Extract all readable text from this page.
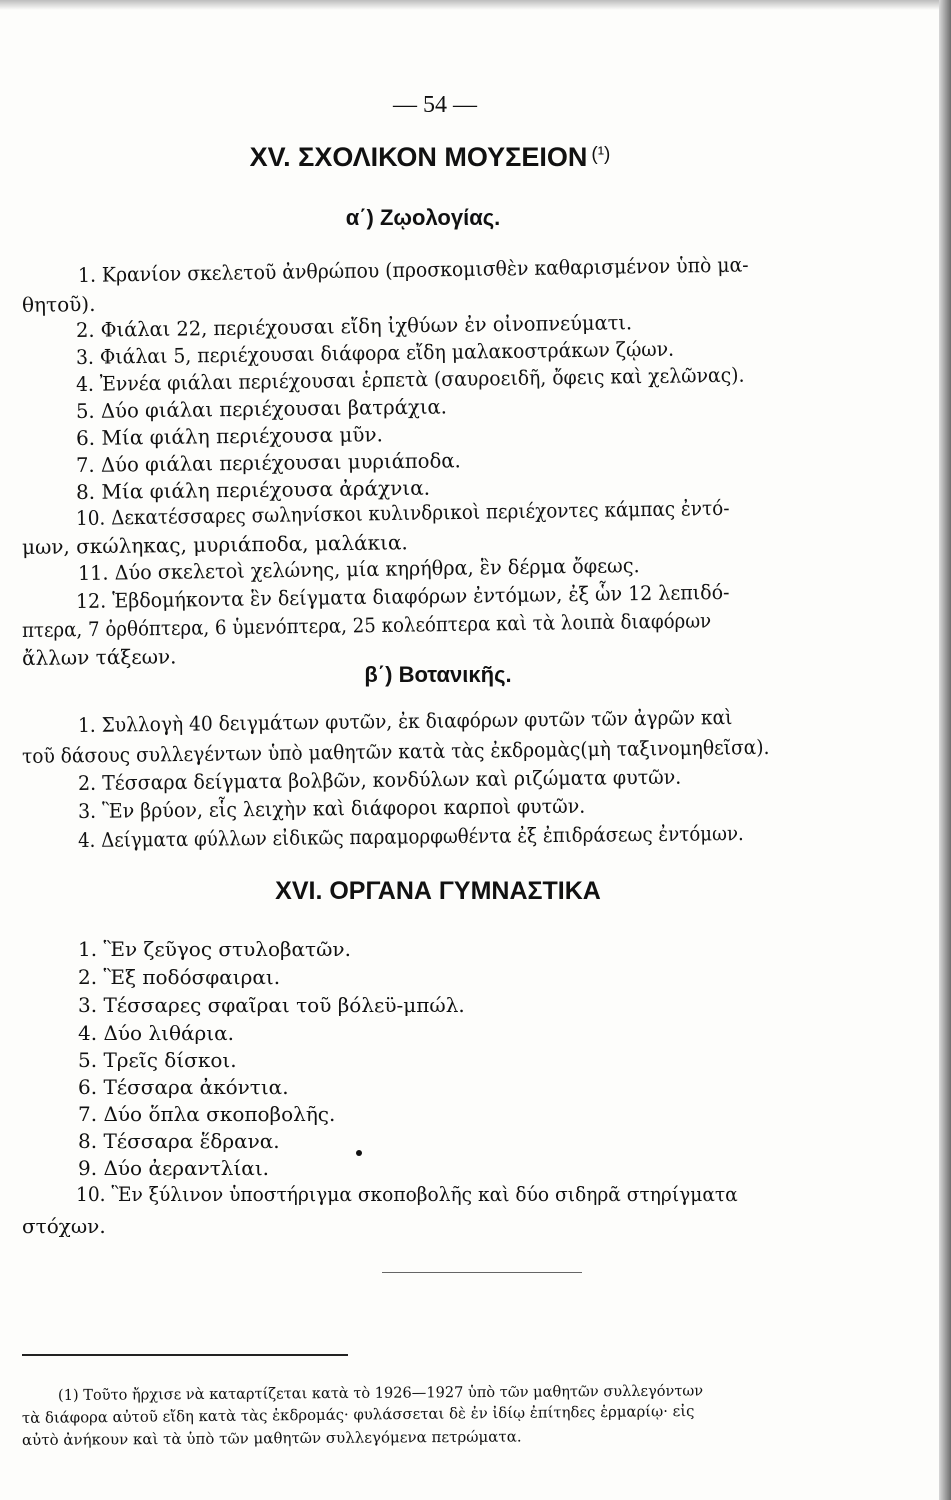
— 54 —
XV. ΣΧΟΛΙΚΟΝ ΜΟΥΣΕΙΟΝ $^{(^1)}$
α΄) Ζῳολογίας.
1. Κρανίον σκελετοῦ ἀνθρώπου (προσκομισθὲν καθαρισμένον ὑπὸ μα-
θητοῦ).
2. Φιάλαι 22, περιέχουσαι εἴδη ἰχθύων ἐν οἰνοπνεύματι.
3. Φιάλαι 5, περιέχουσαι διάφορα εἴδη μαλακοστράκων ζῴων.
4. Ἐννέα φιάλαι περιέχουσαι ἑρπετὰ (σαυροειδῆ, ὄφεις καὶ χελῶνας).
5. Δύο φιάλαι περιέχουσαι βατράχια.
6. Μία φιάλη περιέχουσα μῦν.
7. Δύο φιάλαι περιέχουσαι μυριάποδα.
8. Μία φιάλη περιέχουσα ἀράχνια.
10. Δεκατέσσαρες σωληνίσκοι κυλινδρικοὶ περιέχοντες κάμπας ἐντό-
μων, σκώληκας, μυριάποδα, μαλάκια.
11. Δύο σκελετοὶ χελώνης, μία κηρήθρα, ἓν δέρμα ὄφεως.
12. Ἑβδομήκοντα ἓν δείγματα διαφόρων ἐντόμων, ἐξ ὧν 12 λεπιδό-
πτερα, 7 ὀρθόπτερα, 6 ὑμενόπτερα, 25 κολεόπτερα καὶ τὰ λοιπὰ διαφόρων
ἄλλων τάξεων.
β΄) Βοτανικῆς.
1. Συλλογὴ 40 δειγμάτων φυτῶν, ἐκ διαφόρων φυτῶν τῶν ἀγρῶν καὶ
τοῦ δάσους συλλεγέντων ὑπὸ μαθητῶν κατὰ τὰς ἐκδρομὰς(μὴ ταξινομηθεῖσα).
2. Τέσσαρα δείγματα βολβῶν, κονδύλων καὶ ριζώματα φυτῶν.
3. Ἓν βρύον, εἷς λειχὴν καὶ διάφοροι καρποὶ φυτῶν.
4. Δείγματα φύλλων εἰδικῶς παραμορφωθέντα ἐξ ἐπιδράσεως ἐντόμων.
XVI. ΟΡΓΑΝΑ ΓΥΜΝΑΣΤΙΚΑ
1. Ἓν ζεῦγος στυλοβατῶν.
2. Ἓξ ποδόσφαιραι.
3. Τέσσαρες σφαῖραι τοῦ βόλεϋ-μπώλ.
4. Δύο λιθάρια.
5. Τρεῖς δίσκοι.
6. Τέσσαρα ἀκόντια.
7. Δύο ὅπλα σκοποβολῆς.
8. Τέσσαρα ἕδρανα.
9. Δύο ἀεραντλίαι.
10. Ἓν ξύλινον ὑποστήριγμα σκοποβολῆς καὶ δύο σιδηρᾶ στηρίγματα
στόχων.
(1) Τοῦτο ἤρχισε νὰ καταρτίζεται κατὰ τὸ 1926—1927 ὑπὸ τῶν μαθητῶν συλλεγόντων
τὰ διάφορα αὐτοῦ εἴδη κατὰ τὰς ἐκδρομάς· φυλάσσεται δὲ ἐν ἰδίῳ ἐπίτηδες ἑρμαρίῳ· εἰς
αὐτὸ ἀνήκουν καὶ τὰ ὑπὸ τῶν μαθητῶν συλλεγόμενα πετρώματα.
